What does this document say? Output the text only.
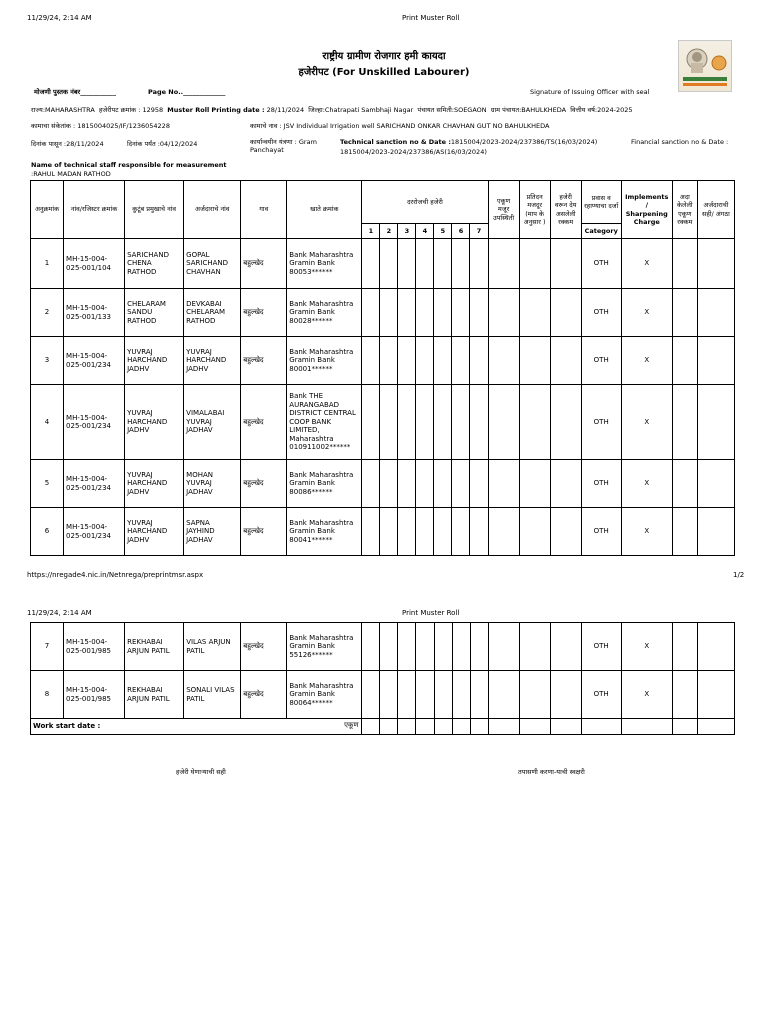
11/29/24, 2:14 AM	Print Muster Roll
राष्ट्रीय ग्रामीण रोजगार हमी कायदा
हजेरीपट (For Unskilled Labourer)
मोजणी पुस्तक नंबर___________	Page No.._____________	Signature of Issuing Officer with seal
राज्य:MAHARASHTRA हजेरीपट क्रमांक : 12958 Muster Roll Printing date : 28/11/2024 जिल्हा:Chatrapati Sambhaji Nagar पंचायत समिती:SOEGAON ग्राम पंचायत:BAHULKHEDA वित्तीय वर्ष:2024-2025
कामाचा संकेतांक : 1815004025/IF/1236054228	कामाचे नाव : JSV Individual Irrigation well SARICHAND ONKAR CHAVHAN GUT NO BAHULKHEDA
दिनांक पासून :28/11/2024	दिनांक पर्यंत :04/12/2024	कार्यान्वयीन यंत्रणा : Gram Panchayat
Technical sanction no & Date :1815004/2023-2024/237386/TS(16/03/2024)	Financial sanction no & Date :
1815004/2023-2024/237386/AS(16/03/2024)
Name of technical staff responsible for measurement
:RAHUL MADAN RATHOD
अनुक्रमांक	नांव/रजिस्टर क्रमांक	कुटूंब प्रमुखाचे नांव	अर्जदाराचे नांव	गाव	खाते क्रमांक	दररोजची हजेरी							एकूण मजूर उपस्थिती	प्रतिदन मजदूर (माप के अनुसार )	हजेरी वरून देय असलेली रक्कम	प्रवास व रहाण्याचा दर्जा	Implements / Sharpening Charge	अदा केलेली एकूण रक्कम	अर्जदाराची सही/ अंगठा
						1	2	3	4	5	6	7				Category			
1	MH-15-004-025-001/104	SARICHAND CHENA RATHOD	GOPAL SARICHAND CHAVHAN	बहुल्खेद	Bank Maharashtra Gramin Bank 80053******											OTH	X		
2	MH-15-004-025-001/133	CHELARAM SANDU RATHOD	DEVKABAI CHELARAM RATHOD	बहुल्खेद	Bank Maharashtra Gramin Bank 80028******											OTH	X		
3	MH-15-004-025-001/234	YUVRAJ HARCHAND JADHV	YUVRAJ HARCHAND JADHV	बहुल्खेद	Bank Maharashtra Gramin Bank 80001******											OTH	X		
4	MH-15-004-025-001/234	YUVRAJ HARCHAND JADHV	VIMALABAI YUVRAJ JADHAV	बहुल्खेद	Bank THE AURANGABAD DISTRICT CENTRAL COOP BANK LIMITED, Maharashtra 010911002******											OTH	X		
5	MH-15-004-025-001/234	YUVRAJ HARCHAND JADHV	MOHAN YUVRAJ JADHAV	बहुल्खेद	Bank Maharashtra Gramin Bank 80086******											OTH	X		
6	MH-15-004-025-001/234	YUVRAJ HARCHAND JADHV	SAPNA JAYHIND JADHAV	बहुल्खेद	Bank Maharashtra Gramin Bank 80041******											OTH	X		
https://nregade4.nic.in/Netnrega/preprintmsr.aspx	1/2
11/29/24, 2:14 AM	Print Muster Roll
7	MH-15-004-025-001/985	REKHABAI ARJUN PATIL	VILAS ARJUN PATIL	बहुल्खेद	Bank Maharashtra Gramin Bank 55126******											OTH	X		
8	MH-15-004-025-001/985	REKHABAI ARJUN PATIL	SONALI VILAS PATIL	बहुल्खेद	Bank Maharashtra Gramin Bank 80064******											OTH	X		
Work start date : एकूण																			

हजेरी घेणाऱ्याची सही	तपासणी करणा-याची स्वक्षरी
